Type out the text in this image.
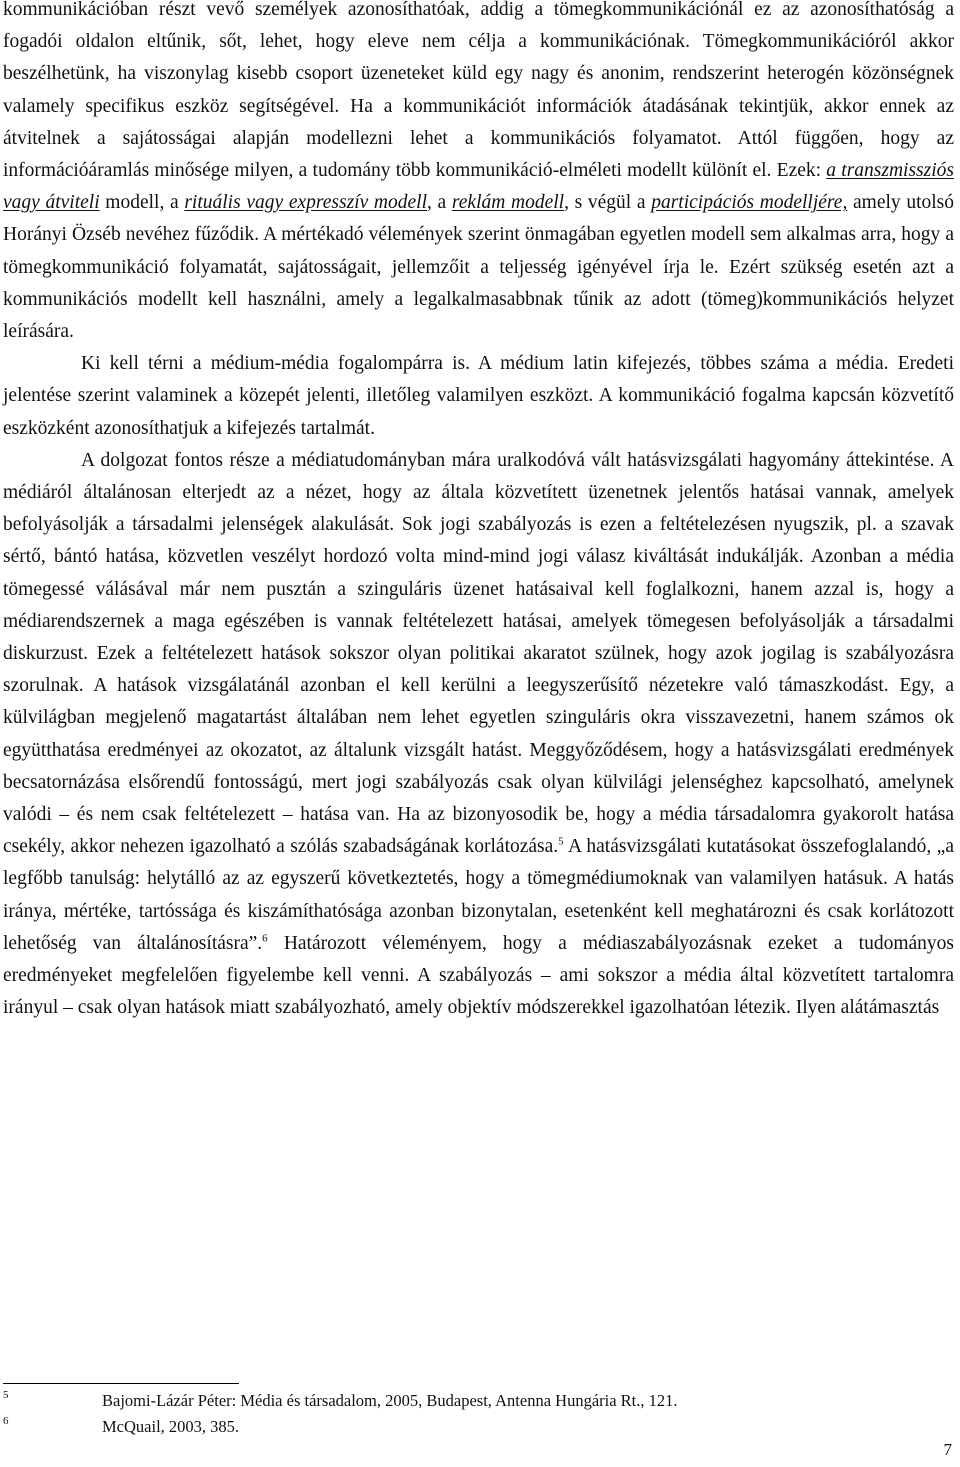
kommunikációban részt vevő személyek azonosíthatóak, addig a tömegkommunikációnál ez az azonosíthatóság a fogadói oldalon eltűnik, sőt, lehet, hogy eleve nem célja a kommunikációnak. Tömegkommunikációról akkor beszélhetünk, ha viszonylag kisebb csoport üzeneteket küld egy nagy és anonim, rendszerint heterogén közönségnek valamely specifikus eszköz segítségével. Ha a kommunikációt információk átadásának tekintjük, akkor ennek az átvitelnek a sajátosságai alapján modellezni lehet a kommunikációs folyamatot. Attól függően, hogy az információáramlás minősége milyen, a tudomány több kommunikáció-elméleti modellt különít el. Ezek: a transzmissziós vagy átviteli modell, a rituális vagy expresszív modell, a reklám modell, s végül a participációs modelljére, amely utolsó Horányi Özséb nevéhez fűződik. A mértékadó vélemények szerint önmagában egyetlen modell sem alkalmas arra, hogy a tömegkommunikáció folyamatát, sajátosságait, jellemzőit a teljesség igényével írja le. Ezért szükség esetén azt a kommunikációs modellt kell használni, amely a legalkalmasabbnak tűnik az adott (tömeg)kommunikációs helyzet leírására.

Ki kell térni a médium-média fogalompárra is. A médium latin kifejezés, többes száma a média. Eredeti jelentése szerint valaminek a közepét jelenti, illetőleg valamilyen eszközt. A kommunikáció fogalma kapcsán közvetítő eszközként azonosíthatjuk a kifejezés tartalmát.

A dolgozat fontos része a médiatudományban mára uralkodóvá vált hatásvizsgálati hagyomány áttekintése. A médiáról általánosan elterjedt az a nézet, hogy az általa közvetített üzenetnek jelentős hatásai vannak, amelyek befolyásolják a társadalmi jelenségek alakulását. Sok jogi szabályozás is ezen a feltételezésen nyugszik, pl. a szavak sértő, bántó hatása, közvetlen veszélyt hordozó volta mind-mind jogi válasz kiváltását indukálják. Azonban a média tömegessé válásával már nem pusztán a szinguláris üzenet hatásaival kell foglalkozni, hanem azzal is, hogy a médiarendszernek a maga egészében is vannak feltételezett hatásai, amelyek tömegesen befolyásolják a társadalmi diskurzust. Ezek a feltételezett hatások sokszor olyan politikai akaratot szülnek, hogy azok jogilag is szabályozásra szorulnak. A hatások vizsgálatánál azonban el kell kerülni a leegyszerűsítő nézetekre való támaszkodást. Egy, a külvilágban megjelenő magatartást általában nem lehet egyetlen szinguláris okra visszavezetni, hanem számos ok együtthatása eredményei az okozatot, az általunk vizsgált hatást. Meggyőződésem, hogy a hatásvizsgálati eredmények becsatornázása elsőrendű fontosságú, mert jogi szabályozás csak olyan külvilági jelenséghez kapcsolható, amelynek valódi – és nem csak feltételezett – hatása van. Ha az bizonyosodik be, hogy a média társadalomra gyakorolt hatása csekély, akkor nehezen igazolható a szólás szabadságának korlátozása.$^5$ A hatásvizsgálati kutatásokat összefoglalandó, „a legfőbb tanulság: helytálló az az egyszerű következtetés, hogy a tömegmédiumoknak van valamilyen hatásuk. A hatás iránya, mértéke, tartóssága és kiszámíthatósága azonban bizonytalan, esetenként kell meghatározni és csak korlátozott lehetőség van általánosításra”.$^6$ Határozott véleményem, hogy a médiaszabályozásnak ezeket a tudományos eredményeket megfelelően figyelembe kell venni. A szabályozás – ami sokszor a média által közvetített tartalomra irányul – csak olyan hatások miatt szabályozható, amely objektív módszerekkel igazolhatóan létezik. Ilyen alátámasztás

5	Bajomi-Lázár Péter: Média és társadalom, 2005, Budapest, Antenna Hungária Rt., 121.
6	McQuail, 2003, 385.
7
